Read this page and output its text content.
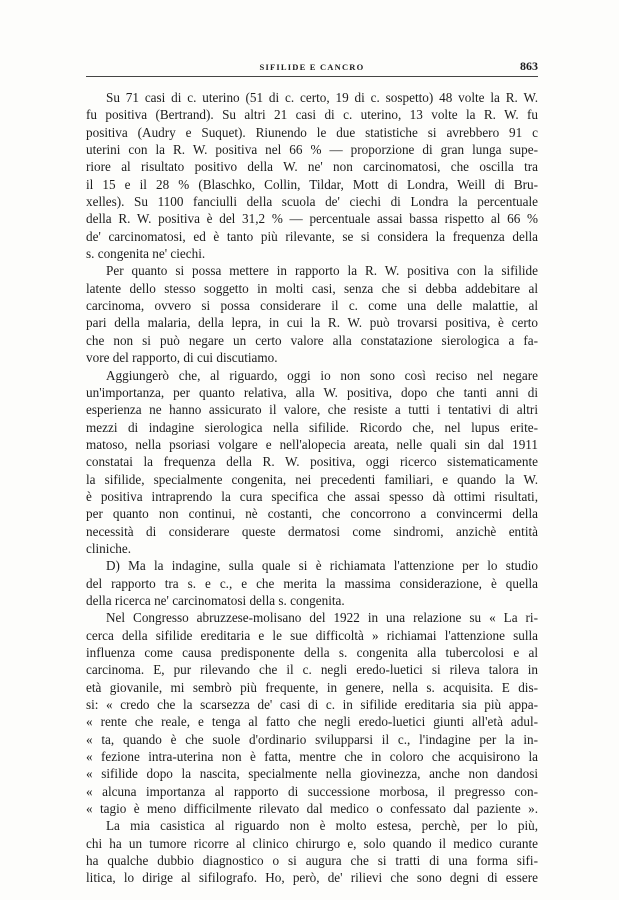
SIFILIDE E CANCRO	863
Su 71 casi di c. uterino (51 di c. certo, 19 di c. sospetto) 48 volte la R. W.
fu positiva (Bertrand). Su altri 21 casi di c. uterino, 13 volte la R. W. fu
positiva (Audry e Suquet). Riunendo le due statistiche si avrebbero 91 c
uterini con la R. W. positiva nel 66 % — proporzione di gran lunga supe-
riore al risultato positivo della W. ne' non carcinomatosi, che oscilla tra
il 15 e il 28 % (Blaschko, Collin, Tildar, Mott di Londra, Weill di Bru-
xelles). Su 1100 fanciulli della scuola de' ciechi di Londra la percentuale
della R. W. positiva è del 31,2 % — percentuale assai bassa rispetto al 66 %
de' carcinomatosi, ed è tanto più rilevante, se si considera la frequenza della
s. congenita ne' ciechi.
Per quanto si possa mettere in rapporto la R. W. positiva con la sifilide
latente dello stesso soggetto in molti casi, senza che si debba addebitare al
carcinoma, ovvero si possa considerare il c. come una delle malattie, al
pari della malaria, della lepra, in cui la R. W. può trovarsi positiva, è certo
che non si può negare un certo valore alla constatazione sierologica a fa-
vore del rapporto, di cui discutiamo.
Aggiungerò che, al riguardo, oggi io non sono così reciso nel negare
un'importanza, per quanto relativa, alla W. positiva, dopo che tanti anni di
esperienza ne hanno assicurato il valore, che resiste a tutti i tentativi di altri
mezzi di indagine sierologica nella sifilide. Ricordo che, nel lupus erite-
matoso, nella psoriasi volgare e nell'alopecia areata, nelle quali sin dal 1911
constatai la frequenza della R. W. positiva, oggi ricerco sistematicamente
la sifilide, specialmente congenita, nei precedenti familiari, e quando la W.
è positiva intraprendo la cura specifica che assai spesso dà ottimi risultati,
per quanto non continui, nè costanti, che concorrono a convincermi della
necessità di considerare queste dermatosi come sindromi, anzichè entità
cliniche.
D) Ma la indagine, sulla quale si è richiamata l'attenzione per lo studio
del rapporto tra s. e c., e che merita la massima considerazione, è quella
della ricerca ne' carcinomatosi della s. congenita.
Nel Congresso abruzzese-molisano del 1922 in una relazione su « La ri-
cerca della sifilide ereditaria e le sue difficoltà » richiamai l'attenzione sulla
influenza come causa predisponente della s. congenita alla tubercolosi e al
carcinoma. E, pur rilevando che il c. negli eredo-luetici si rileva talora in
età giovanile, mi sembrò più frequente, in genere, nella s. acquisita. E dis-
si: « credo che la scarsezza de' casi di c. in sifilide ereditaria sia più appa-
« rente che reale, e tenga al fatto che negli eredo-luetici giunti all'età adul-
« ta, quando è che suole d'ordinario svilupparsi il c., l'indagine per la in-
« fezione intra-uterina non è fatta, mentre che in coloro che acquisirono la
« sifilide dopo la nascita, specialmente nella giovinezza, anche non dandosi
« alcuna importanza al rapporto di successione morbosa, il pregresso con-
« tagio è meno difficilmente rilevato dal medico o confessato dal paziente ».
La mia casistica al riguardo non è molto estesa, perchè, per lo più,
chi ha un tumore ricorre al clinico chirurgo e, solo quando il medico curante
ha qualche dubbio diagnostico o si augura che si tratti di una forma sifi-
litica, lo dirige al sifilografo. Ho, però, de' rilievi che sono degni di essere
